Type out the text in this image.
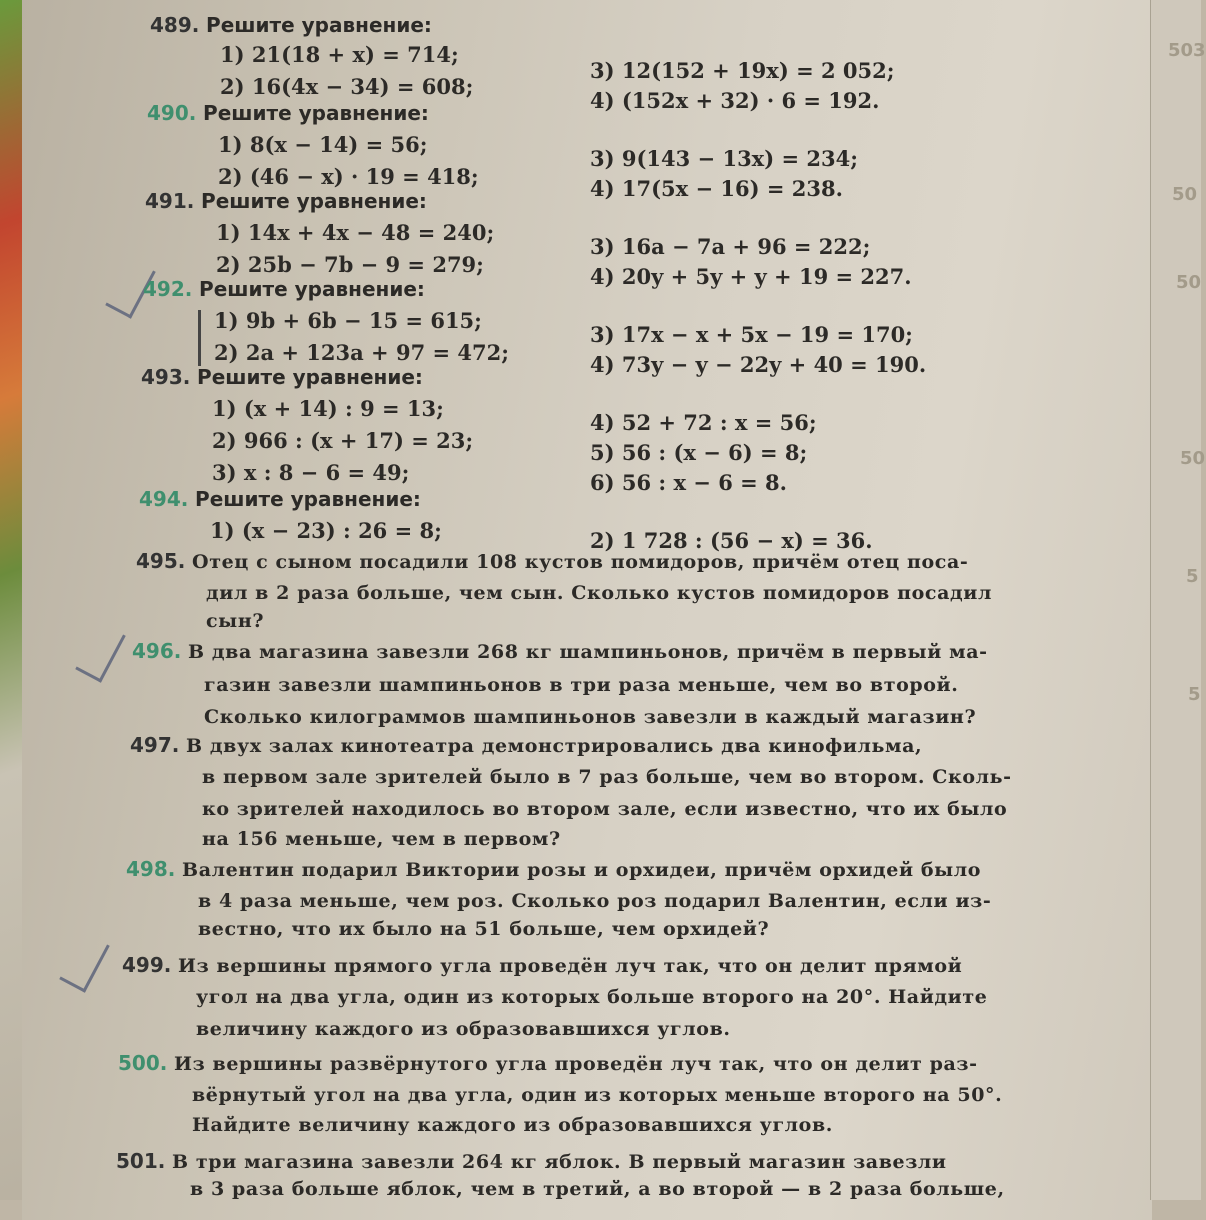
503
50
50
50
5
5
489. Решите уравнение:
1) 21(18 + x) = 714;
2) 16(4x − 34) = 608;
3) 12(152 + 19x) = 2 052;
4) (152x + 32) · 6 = 192.
490. Решите уравнение:
1) 8(x − 14) = 56;
2) (46 − x) · 19 = 418;
3) 9(143 − 13x) = 234;
4) 17(5x − 16) = 238.
491. Решите уравнение:
1) 14x + 4x − 48 = 240;
2) 25b − 7b − 9 = 279;
3) 16a − 7a + 96 = 222;
4) 20y + 5y + y + 19 = 227.
492. Решите уравнение:
1) 9b + 6b − 15 = 615;
2) 2a + 123a + 97 = 472;
3) 17x − x + 5x − 19 = 170;
4) 73y − y − 22y + 40 = 190.
493. Решите уравнение:
1) (x + 14) : 9 = 13;
2) 966 : (x + 17) = 23;
3) x : 8 − 6 = 49;
4) 52 + 72 : x = 56;
5) 56 : (x − 6) = 8;
6) 56 : x − 6 = 8.
494. Решите уравнение:
1) (x − 23) : 26 = 8;	2) 1 728 : (56 − x) = 36.
495. Отец с сыном посадили 108 кустов помидоров, причём отец поса-
дил в 2 раза больше, чем сын. Сколько кустов помидоров посадил
сын?
496. В два магазина завезли 268 кг шампиньонов, причём в первый ма-
газин завезли шампиньонов в три раза меньше, чем во второй.
Сколько килограммов шампиньонов завезли в каждый магазин?
497. В двух залах кинотеатра демонстрировались два кинофильма,
в первом зале зрителей было в 7 раз больше, чем во втором. Сколь-
ко зрителей находилось во втором зале, если известно, что их было
на 156 меньше, чем в первом?
498. Валентин подарил Виктории розы и орхидеи, причём орхидей было
в 4 раза меньше, чем роз. Сколько роз подарил Валентин, если из-
вестно, что их было на 51 больше, чем орхидей?
499. Из вершины прямого угла проведён луч так, что он делит прямой
угол на два угла, один из которых больше второго на 20°. Найдите
величину каждого из образовавшихся углов.
500. Из вершины развёрнутого угла проведён луч так, что он делит раз-
вёрнутый угол на два угла, один из которых меньше второго на 50°.
Найдите величину каждого из образовавшихся углов.
501. В три магазина завезли 264 кг яблок. В первый магазин завезли
в 3 раза больше яблок, чем в третий, а во второй — в 2 раза больше,
